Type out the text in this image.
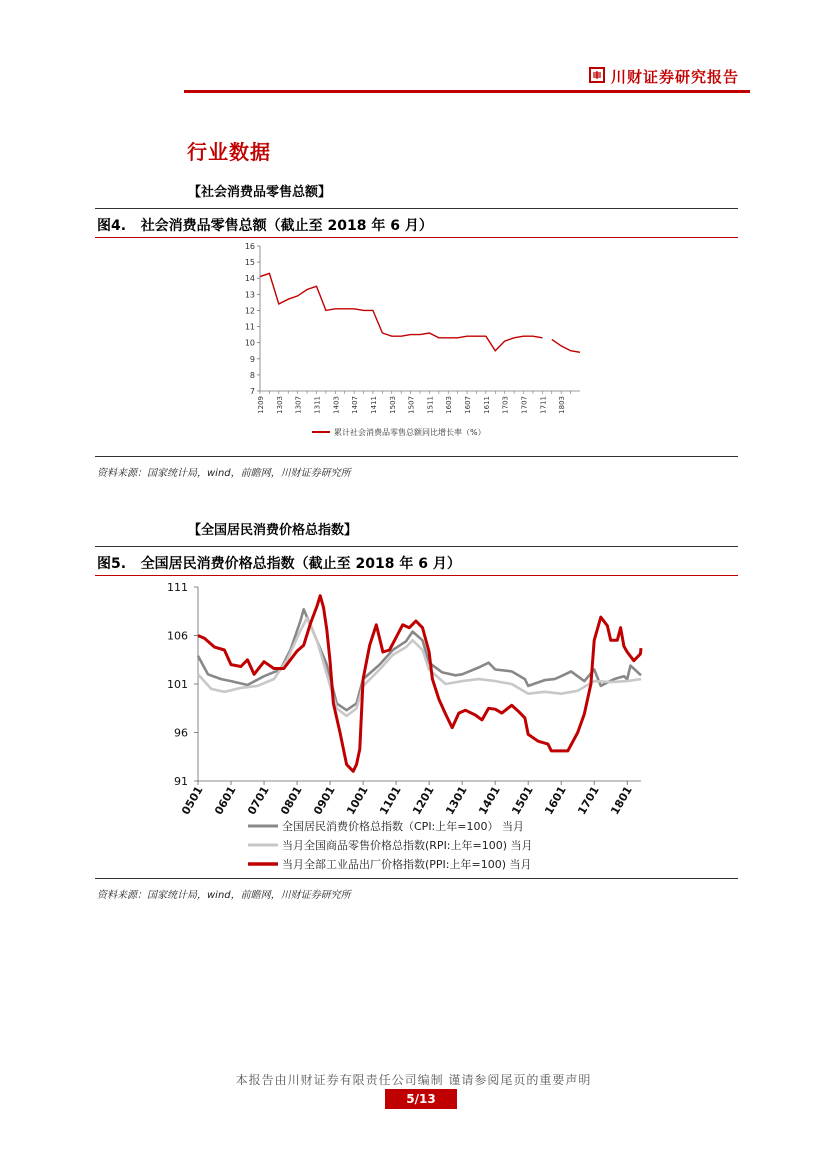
川财证券研究报告
行业数据
【社会消费品零售总额】
图4. 社会消费品零售总额（截止至 2018 年 6 月）
7
8
9
10
11
12
13
14
15
16
1209 1303 1307 1311 1403 1407 1411 1503 1507 1511 1603 1607 1611 1703 1707 1711 1803
累计社会消费品零售总额同比增长率（%）
资料来源：国家统计局，wind，前瞻网，川财证券研究所
【全国居民消费价格总指数】
图5. 全国居民消费价格总指数（截止至 2018 年 6 月）
91
96
101
106
111
0501 0601 0701 0801 0901 1001 1101 1201 1301 1401 1501 1601 1701 1801
全国居民消费价格总指数（CPI:上年=100） 当月
当月全国商品零售价格总指数(RPI:上年=100) 当月
当月全部工业品出厂价格指数(PPI:上年=100) 当月
资料来源：国家统计局，wind，前瞻网，川财证券研究所
本报告由川财证券有限责任公司编制 谨请参阅尾页的重要声明
5/13
